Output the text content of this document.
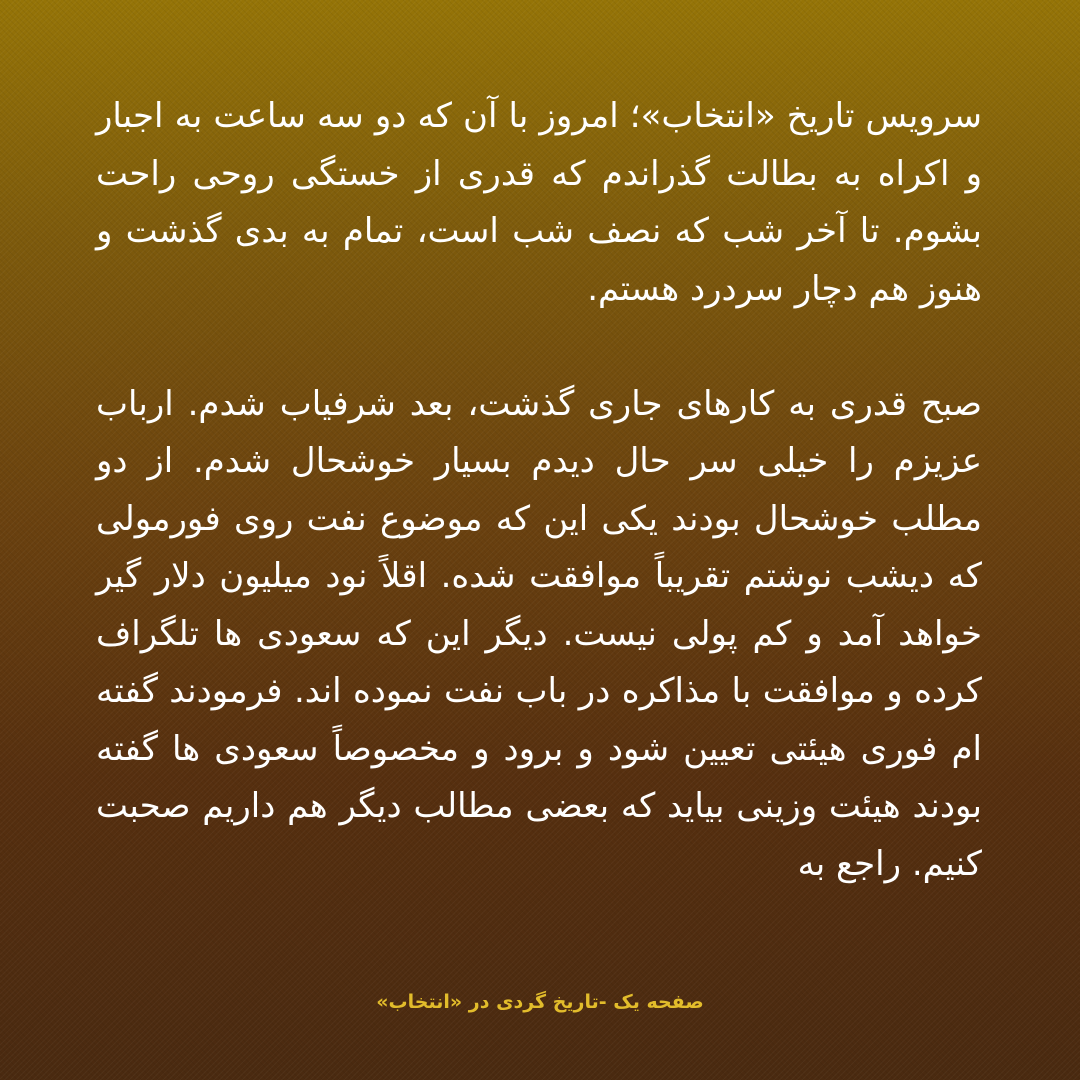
سرویس تاریخ «انتخاب»؛ امروز با آن که دو سه ساعت به اجبار و اکراه به بطالت گذراندم که قدری از خستگی روحی راحت بشوم. تا آخر شب که نصف شب است، تمام به بدی گذشت و هنوز هم دچار سردرد هستم.

صبح قدری به کارهای جاری گذشت، بعد شرفیاب شدم. ارباب عزیزم را خیلی سر حال دیدم بسیار خوشحال شدم. از دو مطلب خوشحال بودند یکی این که موضوع نفت روی فورمولی که دیشب نوشتم تقریباً موافقت شده. اقلاً نود میلیون دلار گیر خواهد آمد و کم پولی نیست. دیگر این که سعودی ها تلگراف کرده و موافقت با مذاکره در باب نفت نموده اند. فرمودند گفته ام فوری هیئتی تعیین شود و برود و مخصوصاً سعودی ها گفته بودند هیئت وزینی بیاید که بعضی مطالب دیگر هم داریم صحبت کنیم. راجع به

صفحه یک -تاریخ گردی در «انتخاب»
